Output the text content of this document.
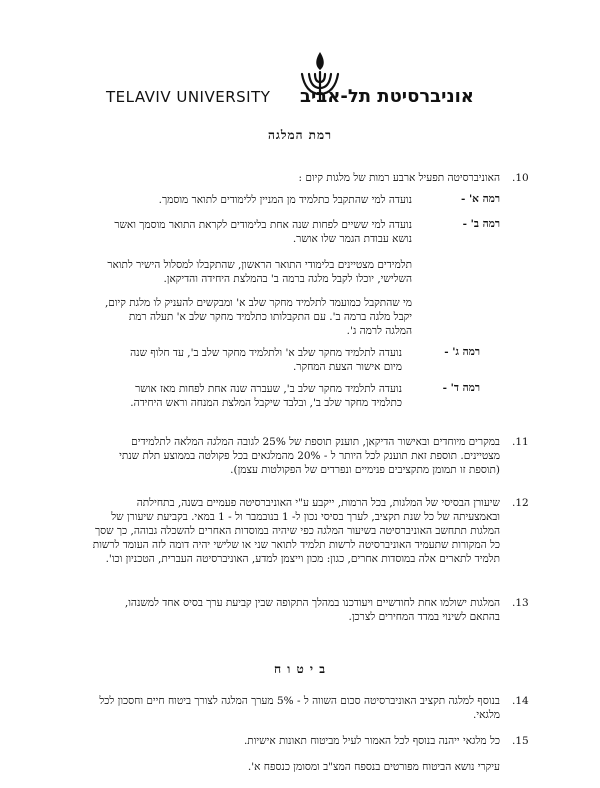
TELAVIV UNIVERSITY אוניברסיטת תל-אביב
רמת המלגה
.10
האוניברסיטה תפעיל ארבע רמות של מלגות קיום :
רמה א' -
נועדה למי שהתקבל כתלמיד מן המניין ללימודים לתואר מוסמך.
רמה ב' -
נועדה למי ששיים לפחות שנה אחת בלימודים לקראת התואר מוסמך ואשר נושא עבודת הגמר שלו אושר.
תלמידים מצטיינים בלימודי התואר הראשון, שהתקבלו למסלול הישיר לתואר השלישי, יוכלו לקבל מלגה ברמה ב' בהמלצת היחידה והדיקאן.
מי שהתקבל כמועמד לתלמיד מחקר שלב א' ומבקשים להעניק לו מלגת קיום, יקבל מלגה ברמה ב'. עם התקבלותו כתלמיד מחקר שלב א' תעלה רמת המלגה לרמה ג'.
רמה ג' -
נועדה לתלמיד מחקר שלב א' ולתלמיד מחקר שלב ב', עד חלוף שנה מיום אישור הצעת המחקר.
רמה ד' -
נועדה לתלמיד מחקר שלב ב', שעברה שנה אחת לפחות מאז אושר כתלמיד מחקר שלב ב', ובלבד שיקבל המלצת המנחה וראש היחידה.
.11
במקרים מיוחדים ובאישור הדיקאן, תוענק תוספת של 25% לגובה המלגה המלאה לתלמידים מצטיינים. תוספת זאת תוענק לכל היותר ל - 20% מהמלגאים בכל פקולטה בממוצע תלת שנתי (תוספת זו תמומן מתקציבים פנימיים ונפרדים של הפקולטות עצמן).
.12
שיעורן הבסיסי של המלגות, בכל הרמות, ייקבע ע"י האוניברסיטה פעמיים בשנה, בתחילתה ובאמצעיתה של כל שנת תקציב, לערך בסיסי נכון ל- 1 בנובמבר ול - 1 במאי. בקביעת שיעורן של המלגות תתחשב האוניברסיטה בשיעור המלגה כפי שיהיה במוסדות האחרים להשכלה גבוהה, כך שסך כל המקורות שתעמיד האוניברסיטה לרשות תלמיד לתואר שני או שלישי יהיה דומה לזה העומד לרשות תלמיד לתארים אלה במוסדות אחרים, כגון: מכון וייצמן למדע, האוניברסיטה העברית, הטכניון וכו'.
.13
המלגות ישולמו אחת לחודשיים ויעודכנו במהלך התקופה שבין קביעת ערך בסיס אחד למשנהו, בהתאם לשינוי במדד המחירים לצרכן.
ב י ט ו ח
.14
בנוסף למלגה תקציב האוניברסיטה סכום השווה ל - 5% מערך המלגה לצורך ביטוח חיים וחסכון לכל מלגאי.
.15
כל מלגאי ייהנה בנוסף לכל האמור לעיל מביטוח תאונות אישיות.
עיקרי נושא הביטוח מפורטים בנספח המצ"ב ומסומן כנספח א'.
